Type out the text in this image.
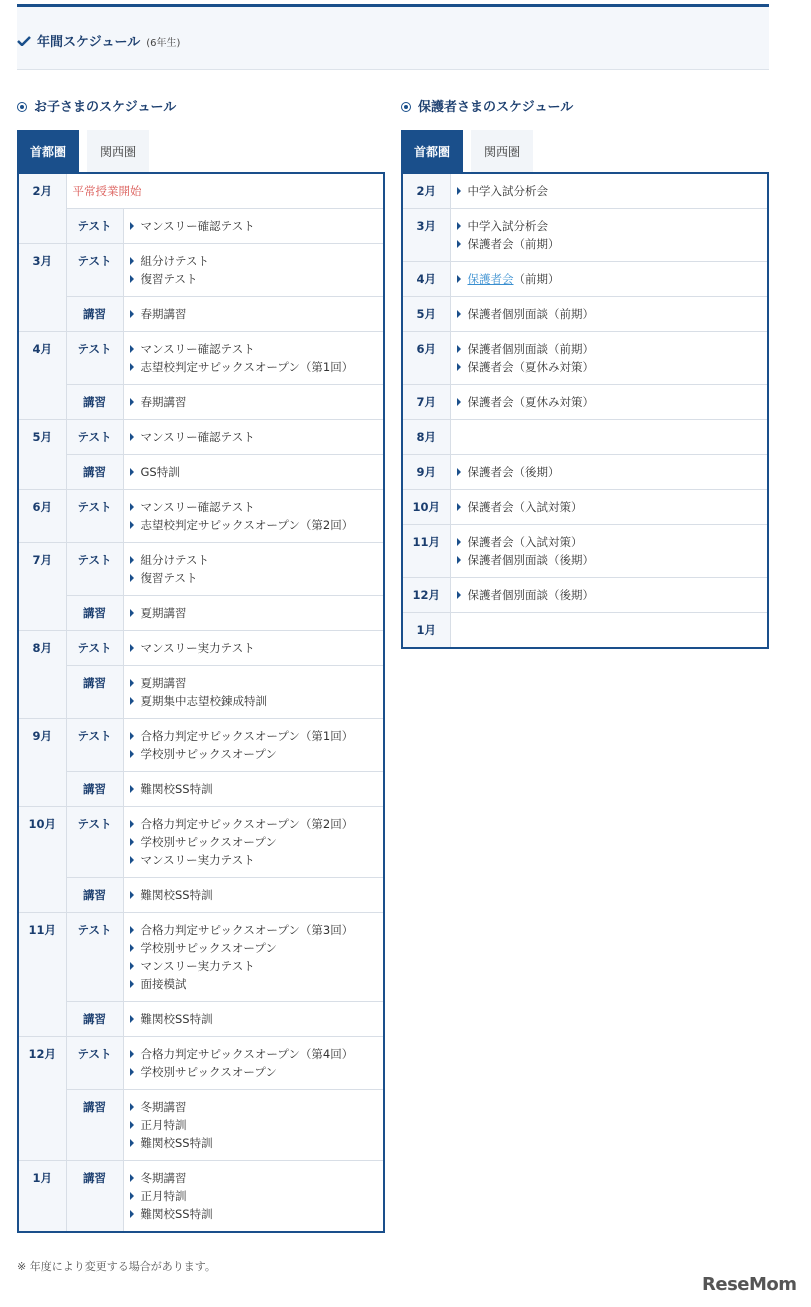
年間スケジュール (6年生)
お子さまのスケジュール	保護者さまのスケジュール
首都圏	関西圏	首都圏	関西圏
2月	平常授業開始	

	テスト	マンスリー確認テスト

3月	テスト	組分けテスト
復習テスト

	講習	春期講習

4月	テスト	マンスリー確認テスト
志望校判定サピックスオープン（第1回）

	講習	春期講習

5月	テスト	マンスリー確認テスト

	講習	GS特訓

6月	テスト	マンスリー確認テスト
志望校判定サピックスオープン（第2回）

7月	テスト	組分けテスト
復習テスト

	講習	夏期講習

8月	テスト	マンスリー実力テスト

	講習	夏期講習
夏期集中志望校錬成特訓

9月	テスト	合格力判定サピックスオープン（第1回）
学校別サピックスオープン

	講習	難関校SS特訓

10月	テスト	合格力判定サピックスオープン（第2回）
学校別サピックスオープン
マンスリー実力テスト

	講習	難関校SS特訓

11月	テスト	合格力判定サピックスオープン（第3回）
学校別サピックスオープン
マンスリー実力テスト
面接模試

	講習	難関校SS特訓

12月	テスト	合格力判定サピックスオープン（第4回）
学校別サピックスオープン

	講習	冬期講習
正月特訓
難関校SS特訓

1月	講習	冬期講習
正月特訓
難関校SS特訓
2月	中学入試分析会

3月	中学入試分析会
保護者会（前期）

4月	保護者会（前期）

5月	保護者個別面談（前期）

6月	保護者個別面談（前期）
保護者会（夏休み対策）

7月	保護者会（夏休み対策）

8月	
9月	保護者会（後期）

10月	保護者会（入試対策）

11月	保護者会（入試対策）
保護者個別面談（後期）

12月	保護者個別面談（後期）

1月	
※ 年度により変更する場合があります。
ReseMom
